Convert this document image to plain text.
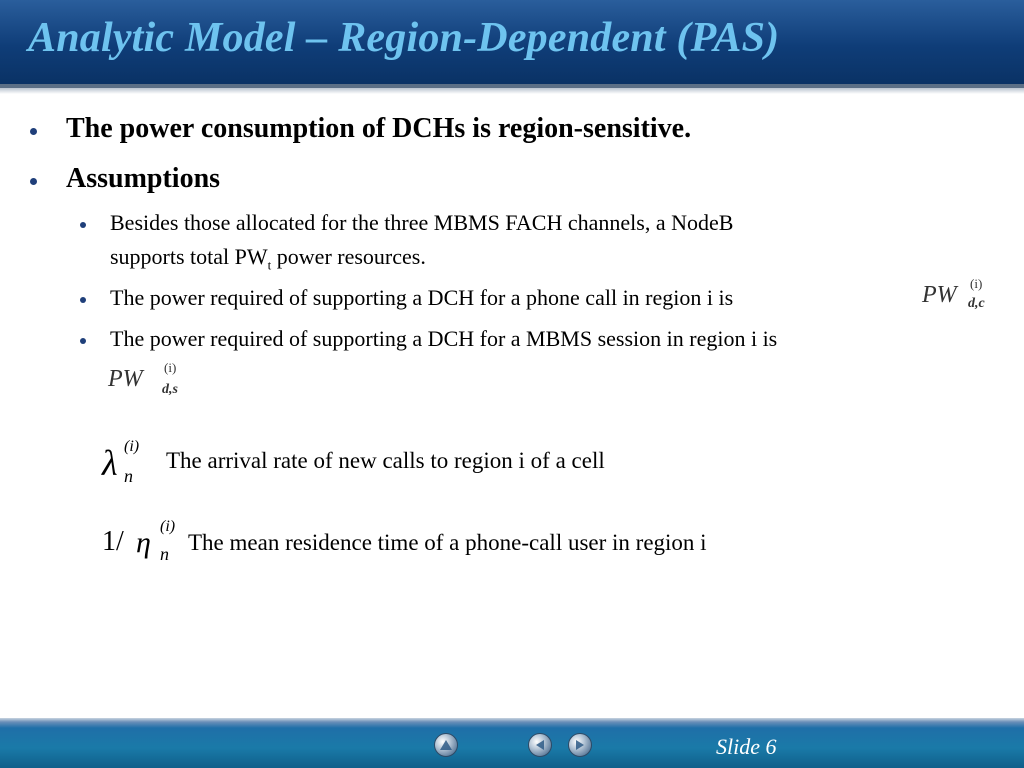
Analytic Model – Region-Dependent (PAS)
The power consumption of DCHs is region-sensitive.
Assumptions
Besides those allocated for the three MBMS FACH channels, a NodeB
supports total $PW_t$ power resources.
The power required of supporting a DCH for a phone call in region i is	PW (i)
d,c
The power required of supporting a DCH for a MBMS session in region i is
PW (i)
d,s
λ (i)
n
The arrival rate of new calls to region i of a cell
1/ η (i)
n The mean residence time of a phone-call user in region i
Slide 6
